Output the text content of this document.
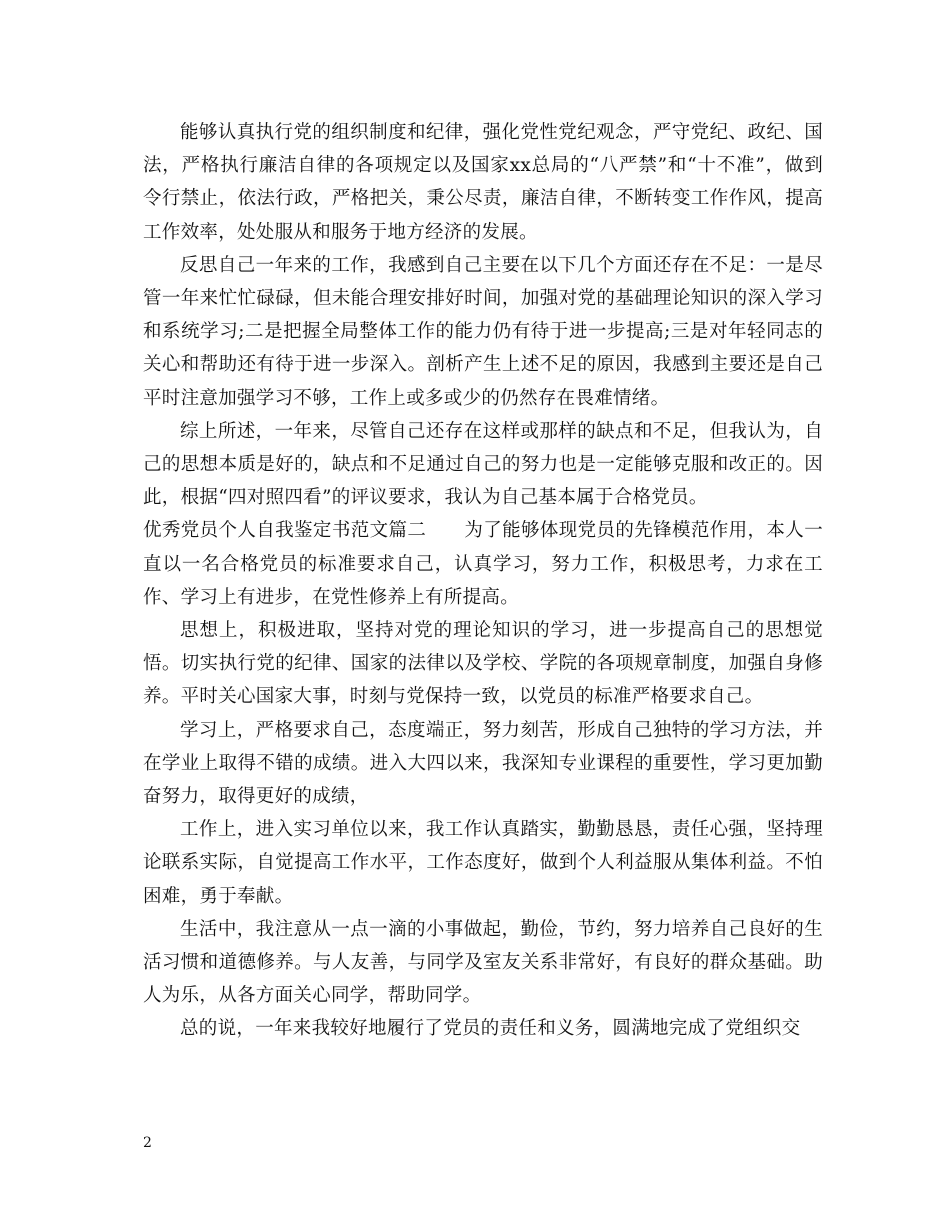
能够认真执行党的组织制度和纪律，强化党性党纪观念，严守党纪、政纪、国法，严格执行廉洁自律的各项规定以及国家xx总局的“八严禁”和“十不准”，做到令行禁止，依法行政，严格把关，秉公尽责，廉洁自律，不断转变工作作风，提高工作效率，处处服从和服务于地方经济的发展。

反思自己一年来的工作，我感到自己主要在以下几个方面还存在不足：一是尽管一年来忙忙碌碌，但未能合理安排好时间，加强对党的基础理论知识的深入学习和系统学习;二是把握全局整体工作的能力仍有待于进一步提高;三是对年轻同志的关心和帮助还有待于进一步深入。剖析产生上述不足的原因，我感到主要还是自己平时注意加强学习不够，工作上或多或少的仍然存在畏难情绪。

综上所述，一年来，尽管自己还存在这样或那样的缺点和不足，但我认为，自己的思想本质是好的，缺点和不足通过自己的努力也是一定能够克服和改正的。因此，根据“四对照四看”的评议要求，我认为自己基本属于合格党员。

优秀党员个人自我鉴定书范文篇二 为了能够体现党员的先锋模范作用，本人一直以一名合格党员的标准要求自己，认真学习，努力工作，积极思考，力求在工作、学习上有进步，在党性修养上有所提高。

思想上，积极进取，坚持对党的理论知识的学习，进一步提高自己的思想觉悟。切实执行党的纪律、国家的法律以及学校、学院的各项规章制度，加强自身修养。平时关心国家大事，时刻与党保持一致，以党员的标准严格要求自己。

学习上，严格要求自己，态度端正，努力刻苦，形成自己独特的学习方法，并在学业上取得不错的成绩。进入大四以来，我深知专业课程的重要性，学习更加勤奋努力，取得更好的成绩，

工作上，进入实习单位以来，我工作认真踏实，勤勤恳恳，责任心强，坚持理论联系实际，自觉提高工作水平，工作态度好，做到个人利益服从集体利益。不怕困难，勇于奉献。

生活中，我注意从一点一滴的小事做起，勤俭，节约，努力培养自己良好的生活习惯和道德修养。与人友善，与同学及室友关系非常好，有良好的群众基础。助人为乐，从各方面关心同学，帮助同学。

总的说，一年来我较好地履行了党员的责任和义务，圆满地完成了党组织交

2
